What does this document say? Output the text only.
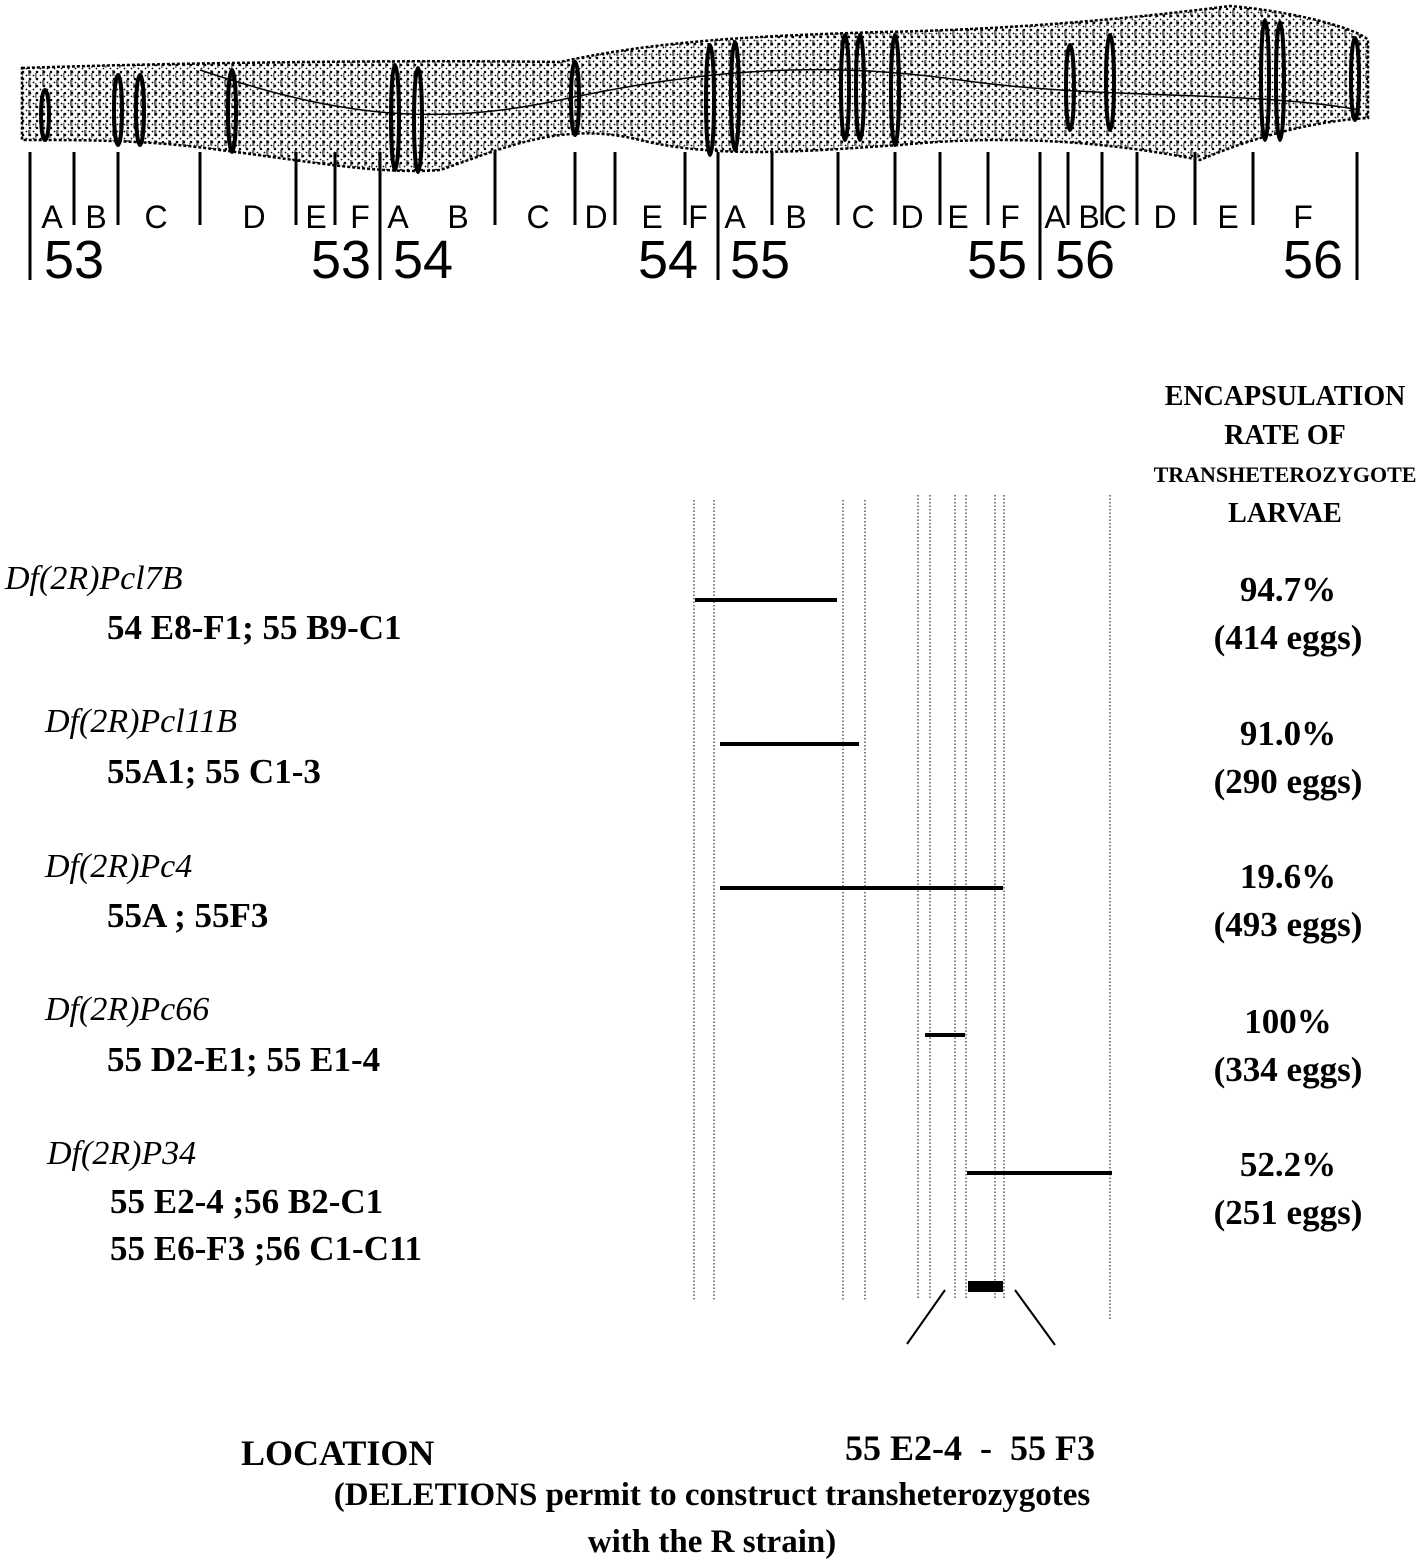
A B C D E F A B C D E F A B C D E F A B C D E F
53	53 54	54 55	55 56	56
ENCAPSULATION
RATE OF
TRANSHETEROZYGOTE
LARVAE
Df(2R)Pcl7B
54 E8-F1; 55 B9-C1
94.7%
(414 eggs)
Df(2R)Pcl11B
55A1; 55 C1-3
91.0%
(290 eggs)
Df(2R)Pc4
55A ; 55F3
19.6%
(493 eggs)
Df(2R)Pc66
55 D2-E1; 55 E1-4
100%
(334 eggs)
Df(2R)P34
55 E2-4 ;56 B2-C1
55 E6-F3 ;56 C1-C11
52.2%
(251 eggs)
LOCATION	55 E2-4  -  55 F3
(DELETIONS permit to construct transheterozygotes
with the R strain)
